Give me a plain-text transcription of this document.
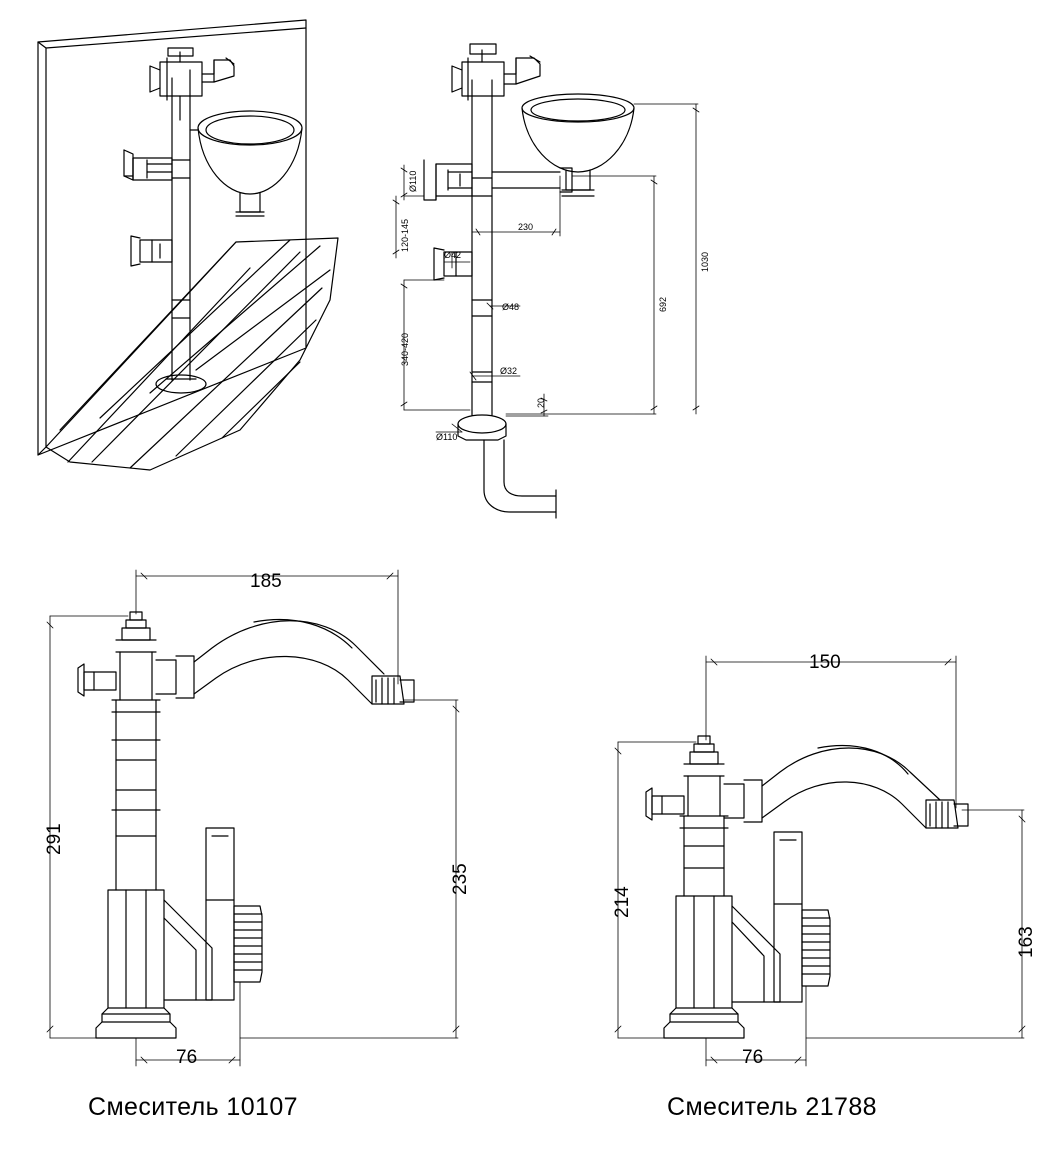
Ø110
120-145	230
Ø42
Ø48
Ø32
340-420
20
Ø110
692
1030
185
291
235
76
150
214
163
76
Смеситель 10107	Смеситель 21788
